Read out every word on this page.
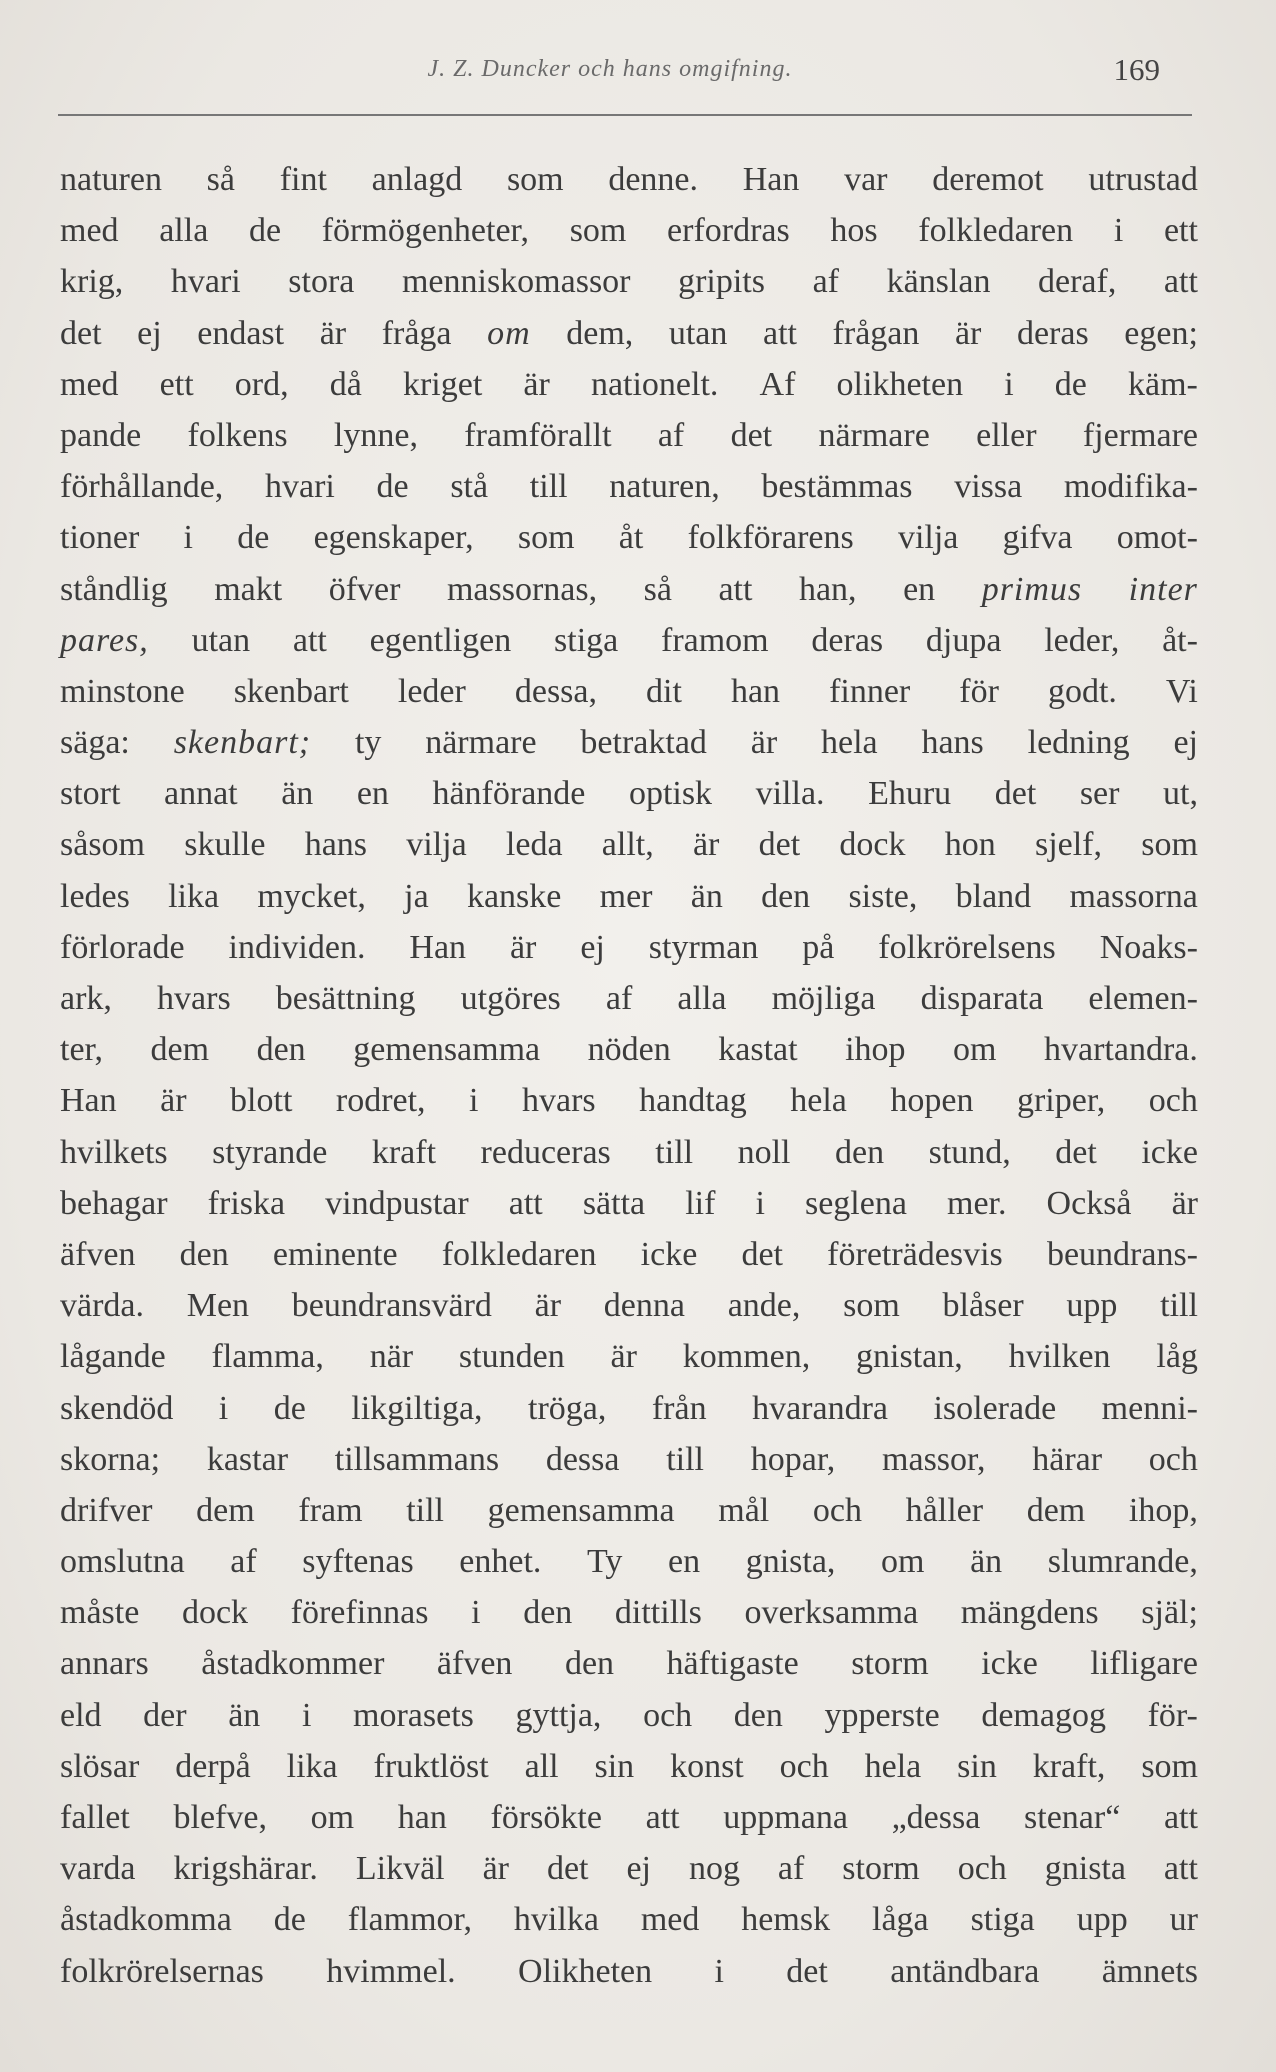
J. Z. Duncker och hans omgifning.	169
naturen så fint anlagd som denne. Han var deremot utrustad
med alla de förmögenheter, som erfordras hos folkledaren i ett
krig, hvari stora menniskomassor gripits af känslan deraf, att
det ej endast är fråga om dem, utan att frågan är deras egen;
med ett ord, då kriget är nationelt. Af olikheten i de käm-
pande folkens lynne, framförallt af det närmare eller fjermare
förhållande, hvari de stå till naturen, bestämmas vissa modifika-
tioner i de egenskaper, som åt folkförarens vilja gifva omot-
ståndlig makt öfver massornas, så att han, en primus inter
pares, utan att egentligen stiga framom deras djupa leder, åt-
minstone skenbart leder dessa, dit han finner för godt. Vi
säga: skenbart; ty närmare betraktad är hela hans ledning ej
stort annat än en hänförande optisk villa. Ehuru det ser ut,
såsom skulle hans vilja leda allt, är det dock hon sjelf, som
ledes lika mycket, ja kanske mer än den siste, bland massorna
förlorade individen. Han är ej styrman på folkrörelsens Noaks-
ark, hvars besättning utgöres af alla möjliga disparata elemen-
ter, dem den gemensamma nöden kastat ihop om hvartandra.
Han är blott rodret, i hvars handtag hela hopen griper, och
hvilkets styrande kraft reduceras till noll den stund, det icke
behagar friska vindpustar att sätta lif i seglena mer. Också är
äfven den eminente folkledaren icke det företrädesvis beundrans-
värda. Men beundransvärd är denna ande, som blåser upp till
lågande flamma, när stunden är kommen, gnistan, hvilken låg
skendöd i de likgiltiga, tröga, från hvarandra isolerade menni-
skorna; kastar tillsammans dessa till hopar, massor, härar och
drifver dem fram till gemensamma mål och håller dem ihop,
omslutna af syftenas enhet. Ty en gnista, om än slumrande,
måste dock förefinnas i den dittills overksamma mängdens själ;
annars åstadkommer äfven den häftigaste storm icke lifligare
eld der än i morasets gyttja, och den ypperste demagog för-
slösar derpå lika fruktlöst all sin konst och hela sin kraft, som
fallet blefve, om han försökte att uppmana „dessa stenar“ att
varda krigshärar. Likväl är det ej nog af storm och gnista att
åstadkomma de flammor, hvilka med hemsk låga stiga upp ur
folkrörelsernas hvimmel. Olikheten i det antändbara ämnets
